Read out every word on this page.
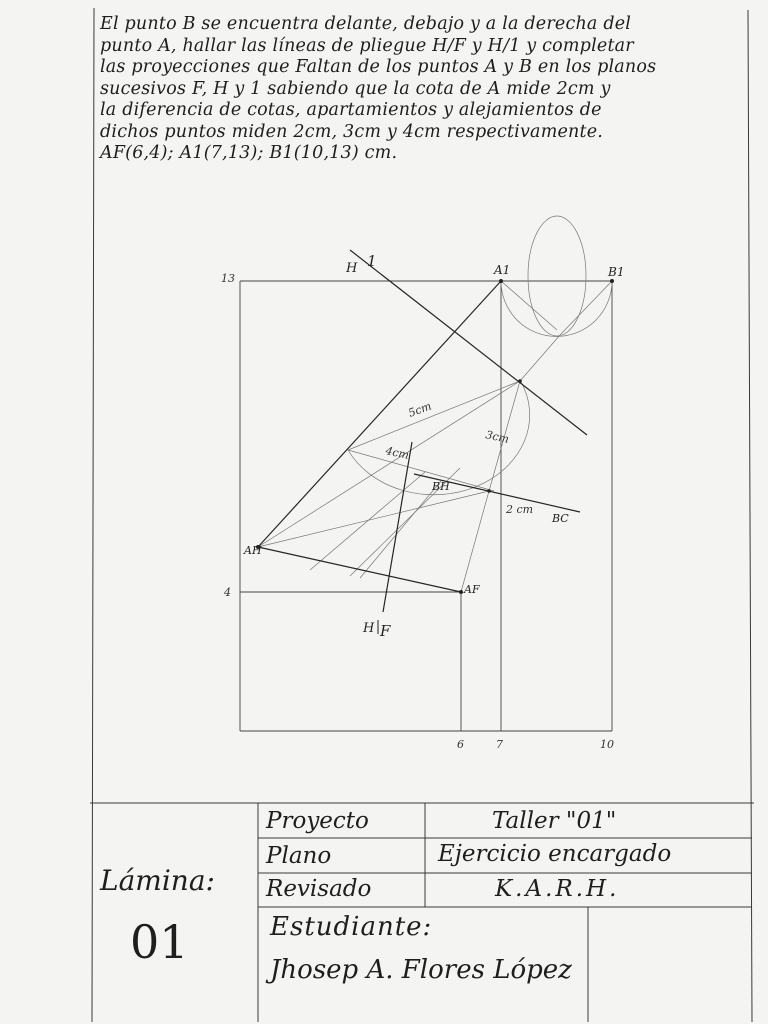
13
4
6	7	10
A1	B1
AF
AH
BH
BC
H 1
H F
5cm
4cm
3cm
2 cm
El punto B se encuentra delante, debajo y a la derecha del
punto A, hallar las líneas de pliegue H/F y H/1 y completar
las proyecciones que Faltan de los puntos A y B en los planos
sucesivos F, H y 1 sabiendo que la cota de A mide 2cm y
la diferencia de cotas, apartamientos y alejamientos de
dichos puntos miden 2cm, 3cm y 4cm respectivamente.
AF(6,4); A1(7,13); B1(10,13) cm.
Lámina:
01
Proyecto	Taller "01"
Plano	Ejercicio encargado
Revisado	K.A.R.H.
Estudiante:
Jhosep A. Flores López
